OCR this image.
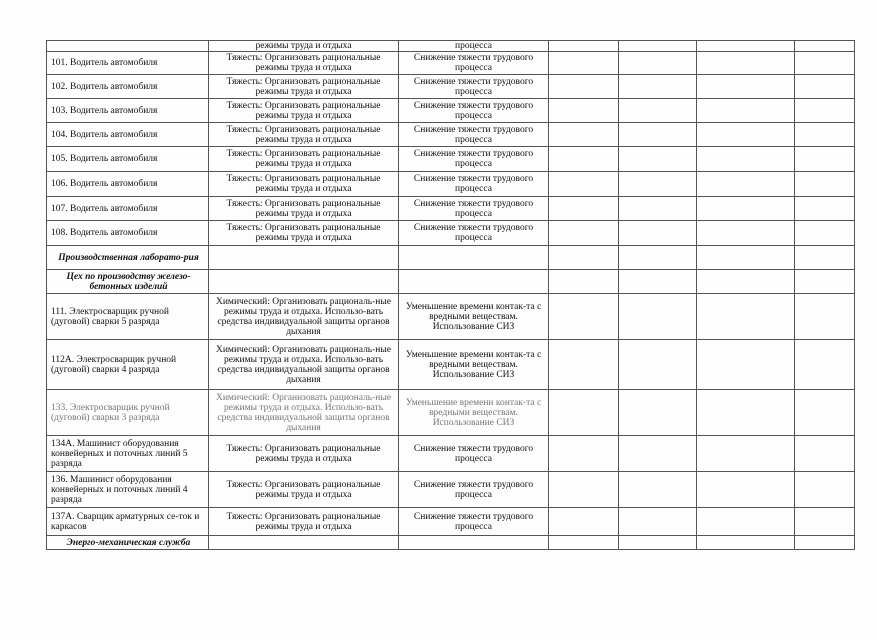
	режимы труда и отдыха	процесса				
101. Водитель автомобиля	Тяжесть: Организовать рациональные режимы труда и отдыха	Снижение тяжести трудового процесса				
102. Водитель автомобиля	Тяжесть: Организовать рациональные режимы труда и отдыха	Снижение тяжести трудового процесса				
103. Водитель автомобиля	Тяжесть: Организовать рациональные режимы труда и отдыха	Снижение тяжести трудового процесса				
104. Водитель автомобиля	Тяжесть: Организовать рациональные режимы труда и отдыха	Снижение тяжести трудового процесса				
105. Водитель автомобиля	Тяжесть: Организовать рациональные режимы труда и отдыха	Снижение тяжести трудового процесса				
106. Водитель автомобиля	Тяжесть: Организовать рациональные режимы труда и отдыха	Снижение тяжести трудового процесса				
107. Водитель автомобиля	Тяжесть: Организовать рациональные режимы труда и отдыха	Снижение тяжести трудового процесса				
108. Водитель автомобиля	Тяжесть: Организовать рациональные режимы труда и отдыха	Снижение тяжести трудового процесса				
Производственная лаборато-рия						
Цех по производству железо-бетонных изделий						
111. Электросварщик ручной (дуговой) сварки 5 разряда	Химический: Организовать рациональ-ные режимы труда и отдыха. Использо-вать средства индивидуальной защиты органов дыхания	Уменьшение времени контак-та с вредными веществам. Использование СИЗ				
112А. Электросварщик ручной (дуговой) сварки 4 разряда	Химический: Организовать рациональ-ные режимы труда и отдыха. Использо-вать средства индивидуальной защиты органов дыхания	Уменьшение времени контак-та с вредными веществам. Использование СИЗ				
133. Электросварщик ручной (дуговой) сварки 3 разряда	Химический: Организовать рациональ-ные режимы труда и отдыха. Использо-вать средства индивидуальной защиты органов дыхания	Уменьшение времени контак-та с вредными веществам. Использование СИЗ				
134А. Машинист оборудования конвейерных и поточных линий 5 разряда	Тяжесть: Организовать рациональные режимы труда и отдыха	Снижение тяжести трудового процесса				
136. Машинист оборудования конвейерных и поточных линий 4 разряда	Тяжесть: Организовать рациональные режимы труда и отдыха	Снижение тяжести трудового процесса				
137А. Сварщик арматурных се-ток и каркасов	Тяжесть: Организовать рациональные режимы труда и отдыха	Снижение тяжести трудового процесса				
Энерго-механическая служба						
